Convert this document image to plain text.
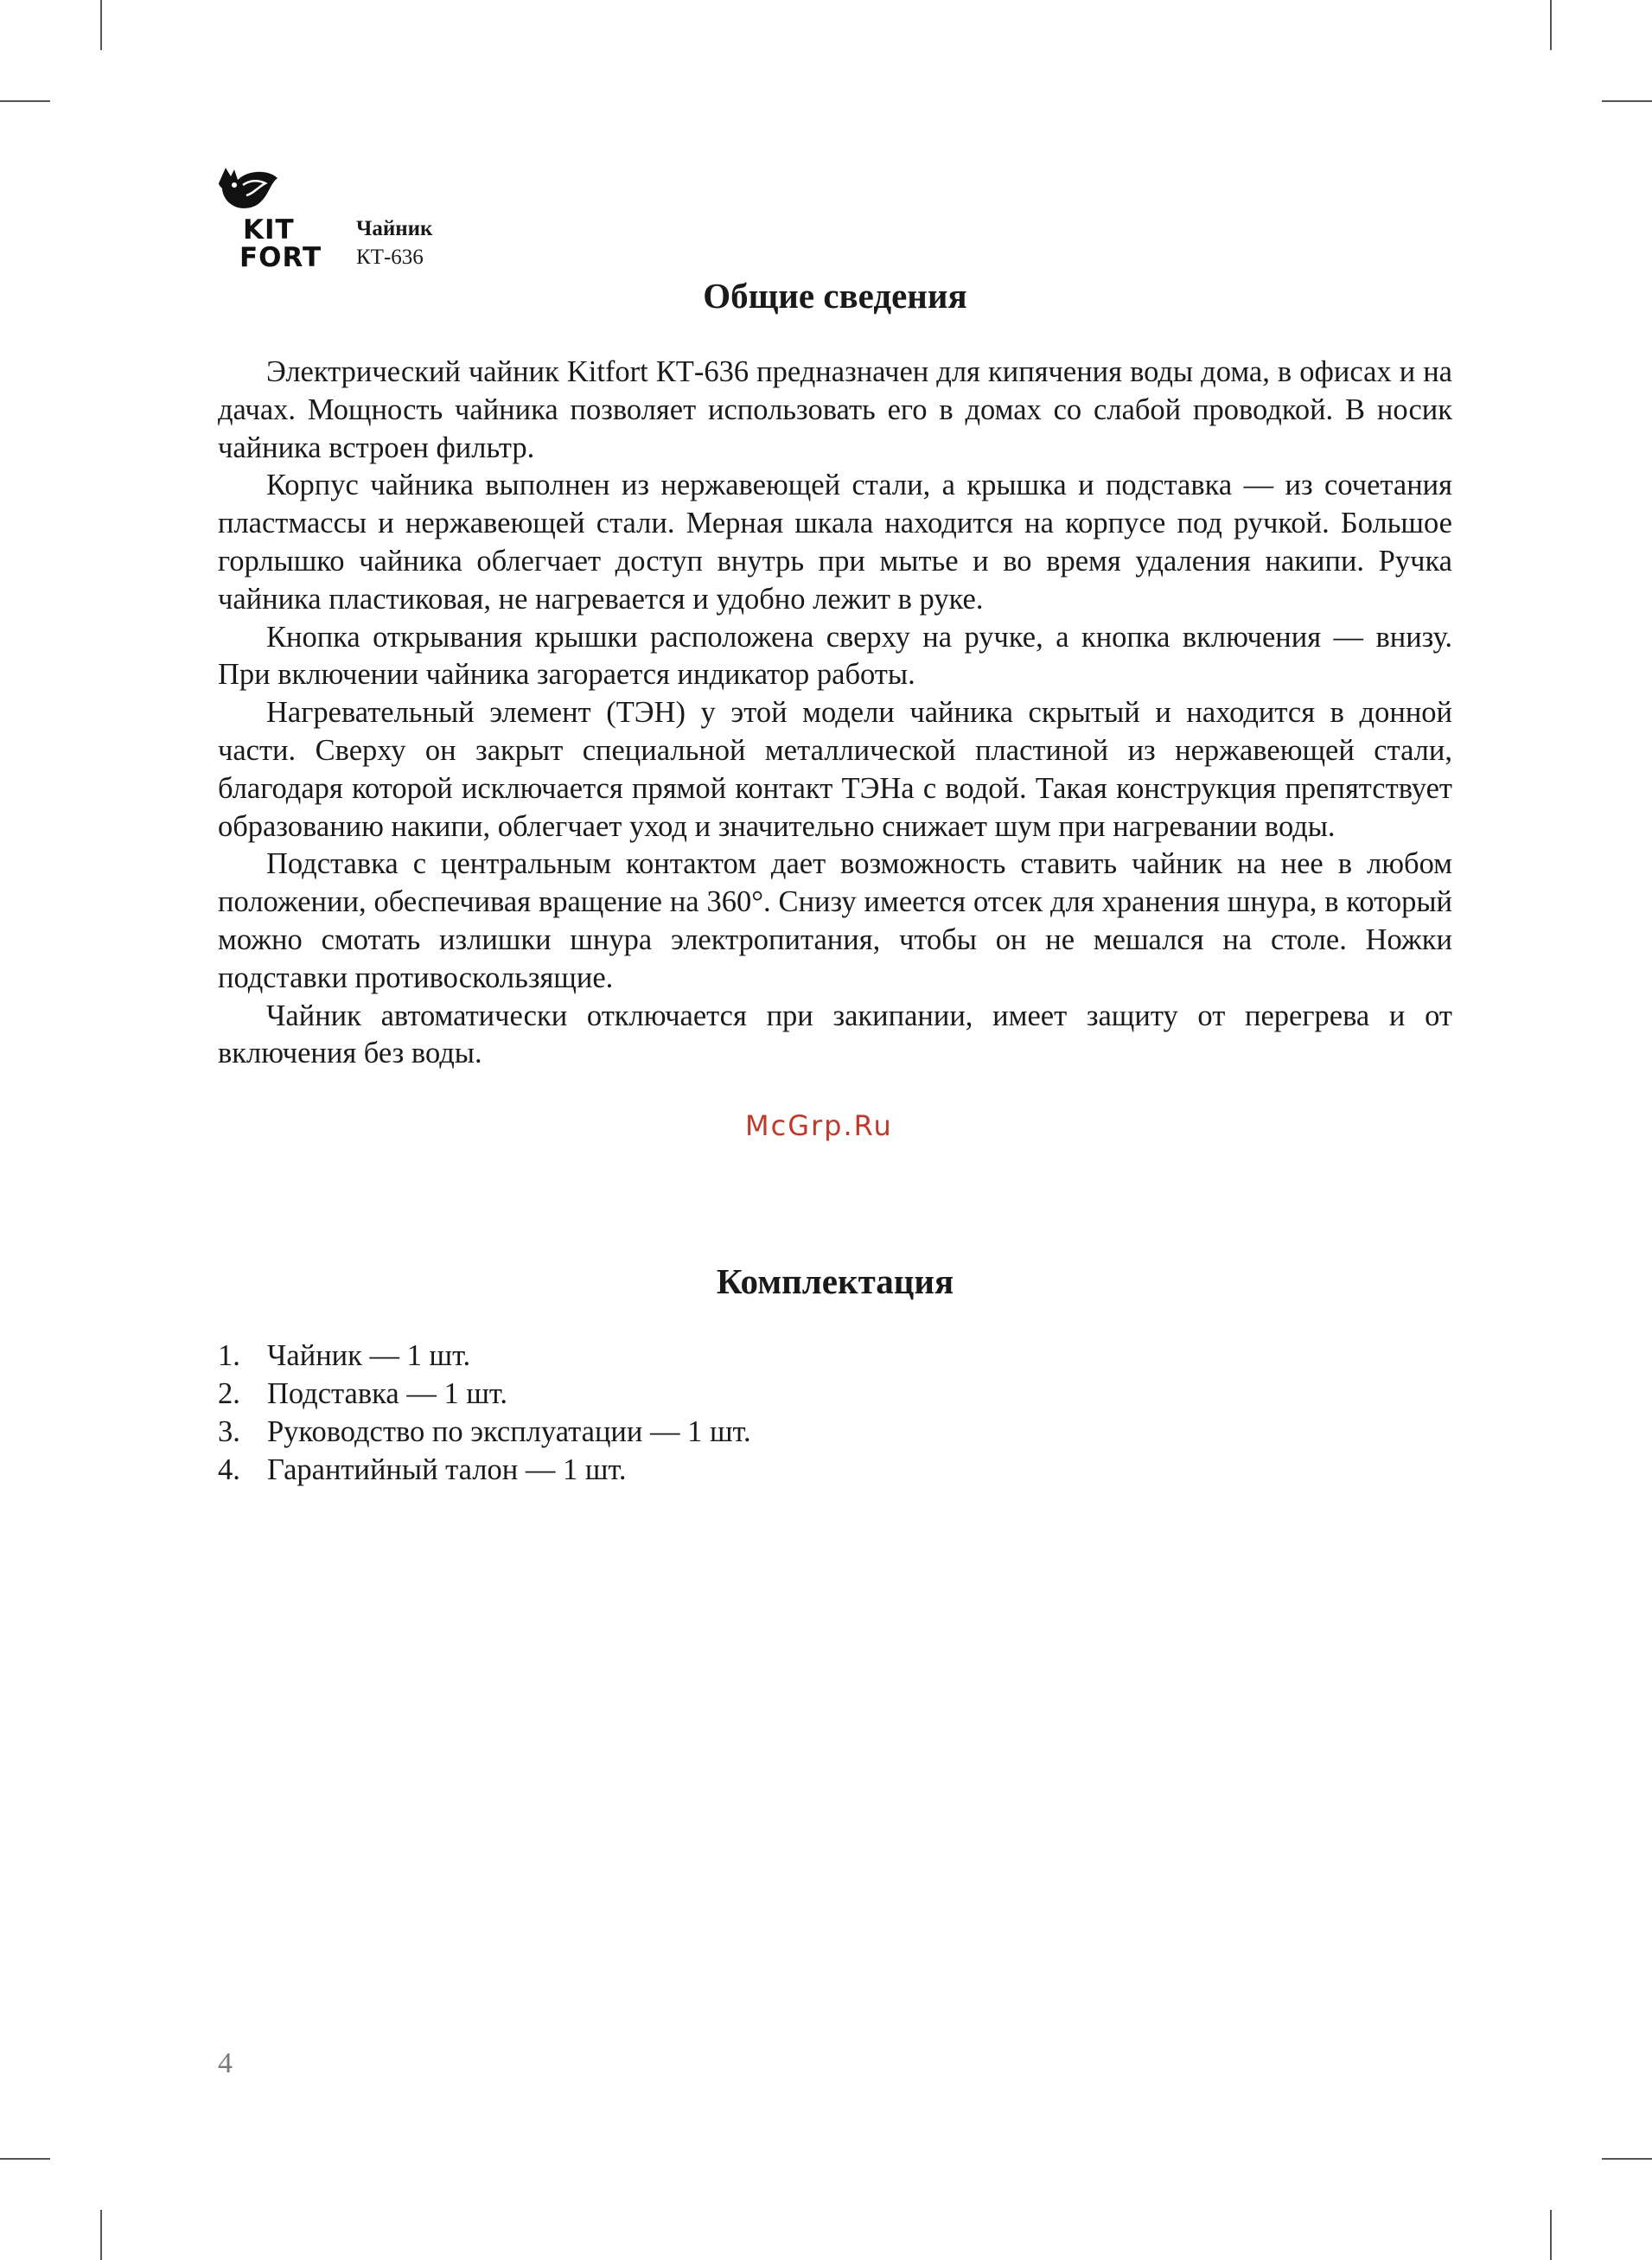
KIT
FORT
Чайник
КТ-636
Общие сведения

Электрический чайник Kitfort КТ-636 предназначен для кипячения воды дома, в офисах и на дачах. Мощность чайника позволяет использовать его в домах со слабой проводкой. В носик чайника встроен фильтр.

Корпус чайника выполнен из нержавеющей стали, а крышка и подставка — из сочетания пластмассы и нержавеющей стали. Мерная шкала находится на корпусе под ручкой. Большое горлышко чайника облегчает доступ внутрь при мытье и во время удаления накипи. Ручка чайника пластиковая, не нагревается и удобно лежит в руке.

Кнопка открывания крышки расположена сверху на ручке, а кнопка включения — внизу. При включении чайника загорается индикатор работы.

Нагревательный элемент (ТЭН) у этой модели чайника скрытый и находится в донной части. Сверху он закрыт специальной металлической пластиной из нержавеющей стали, благодаря которой исключается прямой контакт ТЭНа с водой. Такая конструкция препятствует образованию накипи, облегчает уход и значительно снижает шум при нагревании воды.

Подставка с центральным контактом дает возможность ставить чайник на нее в любом положении, обеспечивая вращение на 360°. Снизу имеется отсек для хранения шнура, в который можно смотать излишки шнура электропитания, чтобы он не мешался на столе. Ножки подставки противоскользящие.

Чайник автоматически отключается при закипании, имеет защиту от перегрева и от включения без воды.

McGrp.Ru
Комплектация
1. Чайник — 1 шт.
2. Подставка — 1 шт.
3. Руководство по эксплуатации — 1 шт.
4. Гарантийный талон — 1 шт.
4
